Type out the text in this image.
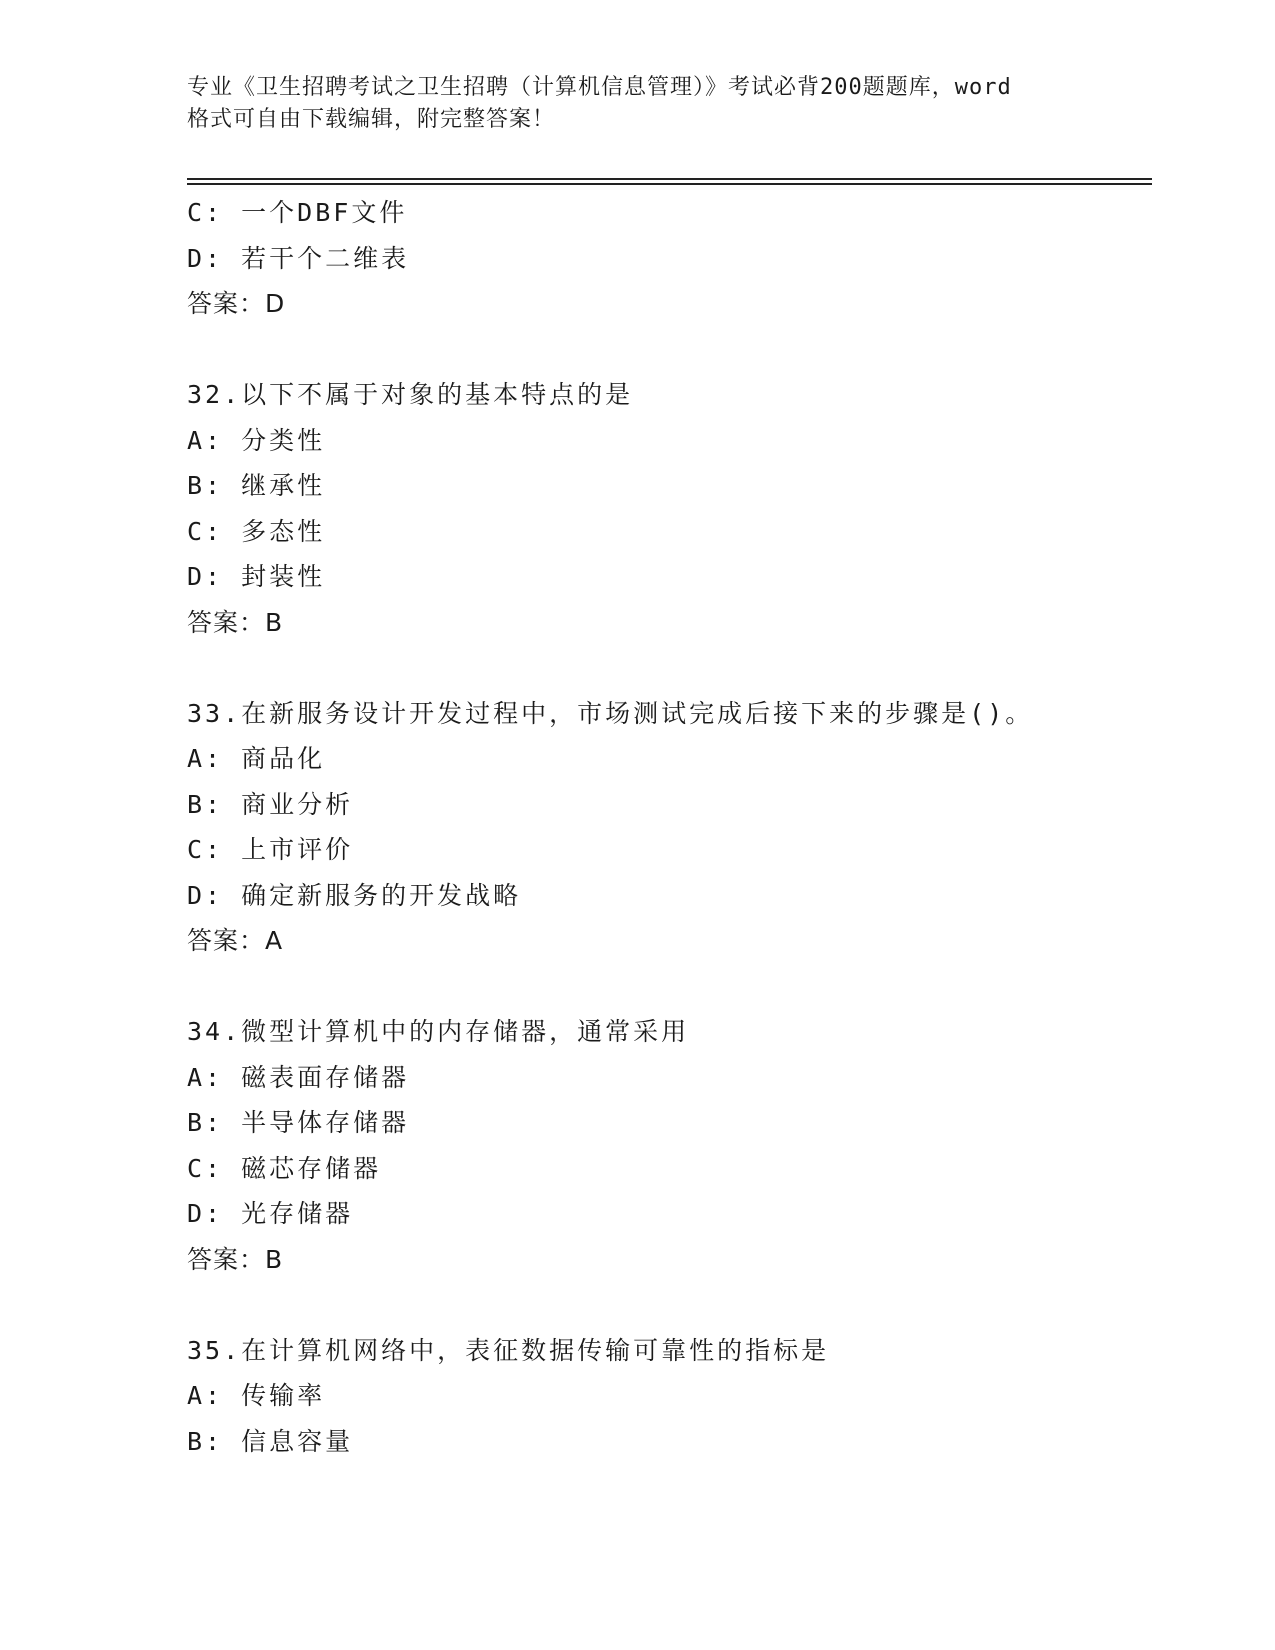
专业《卫生招聘考试之卫生招聘（计算机信息管理）》考试必背200题题库，word
格式可自由下载编辑，附完整答案！
C: 一个DBF文件
D: 若干个二维表
答案：D
32.以下不属于对象的基本特点的是
A: 分类性
B: 继承性
C: 多态性
D: 封装性
答案：B
33.在新服务设计开发过程中，市场测试完成后接下来的步骤是()。
A: 商品化
B: 商业分析
C: 上市评价
D: 确定新服务的开发战略
答案：A
34.微型计算机中的内存储器，通常采用
A: 磁表面存储器
B: 半导体存储器
C: 磁芯存储器
D: 光存储器
答案：B
35.在计算机网络中，表征数据传输可靠性的指标是
A: 传输率
B: 信息容量
